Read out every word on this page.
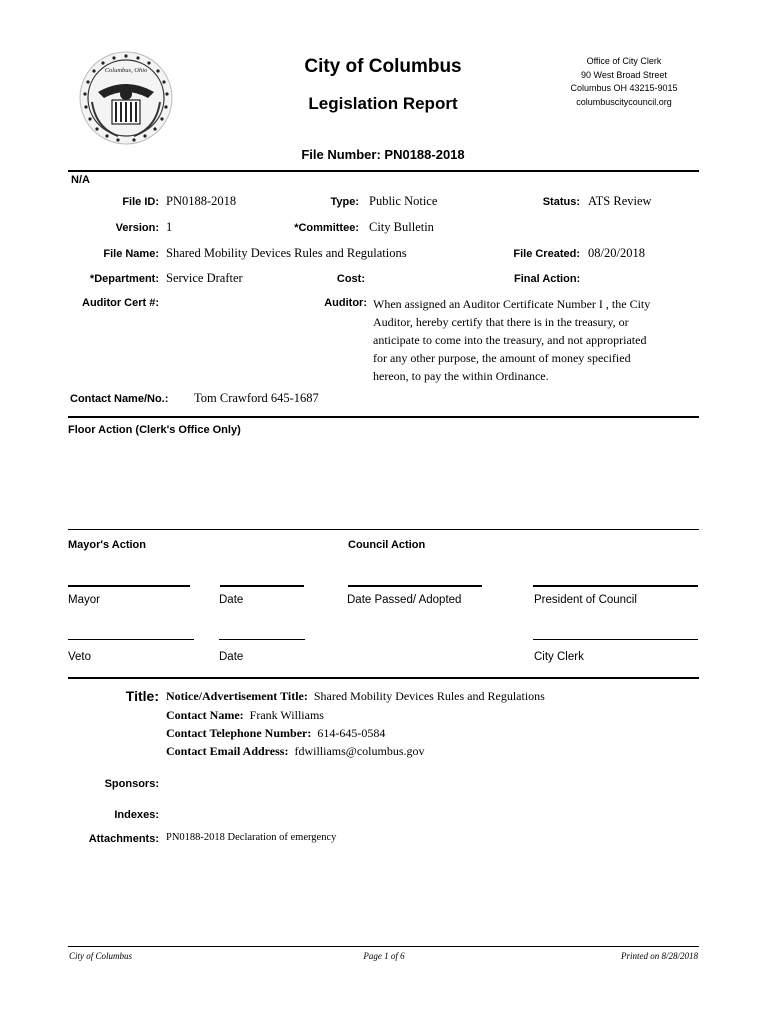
Columbus, Ohio	City of Columbus
Legislation Report
Office of City Clerk
90 West Broad Street
Columbus OH 43215-9015
columbuscitycouncil.org
File Number: PN0188-2018
N/A
File ID: PN0188-2018	Type: Public Notice	Status: ATS Review
Version: 1	*Committee: City Bulletin
File Name: Shared Mobility Devices Rules and Regulations	File Created: 08/20/2018
*Department: Service Drafter	Cost:	Final Action:
Auditor Cert #:	Auditor: When assigned an Auditor Certificate Number I , the City
Auditor, hereby certify that there is in the treasury, or
anticipate to come into the treasury, and not appropriated
for any other purpose, the amount of money specified
hereon, to pay the within Ordinance.
Contact Name/No.: Tom Crawford 645-1687
Floor Action (Clerk's Office Only)
Mayor's Action	Council Action
Mayor	Date	Date Passed/ Adopted	President of Council
Veto	Date	City Clerk
Title: Notice/Advertisement Title: Shared Mobility Devices Rules and Regulations
Contact Name: Frank Williams
Contact Telephone Number: 614-645-0584
Contact Email Address: fdwilliams@columbus.gov
Sponsors:
Indexes:
Attachments: PN0188-2018 Declaration of emergency
City of Columbus	Page 1 of 6	Printed on 8/28/2018
